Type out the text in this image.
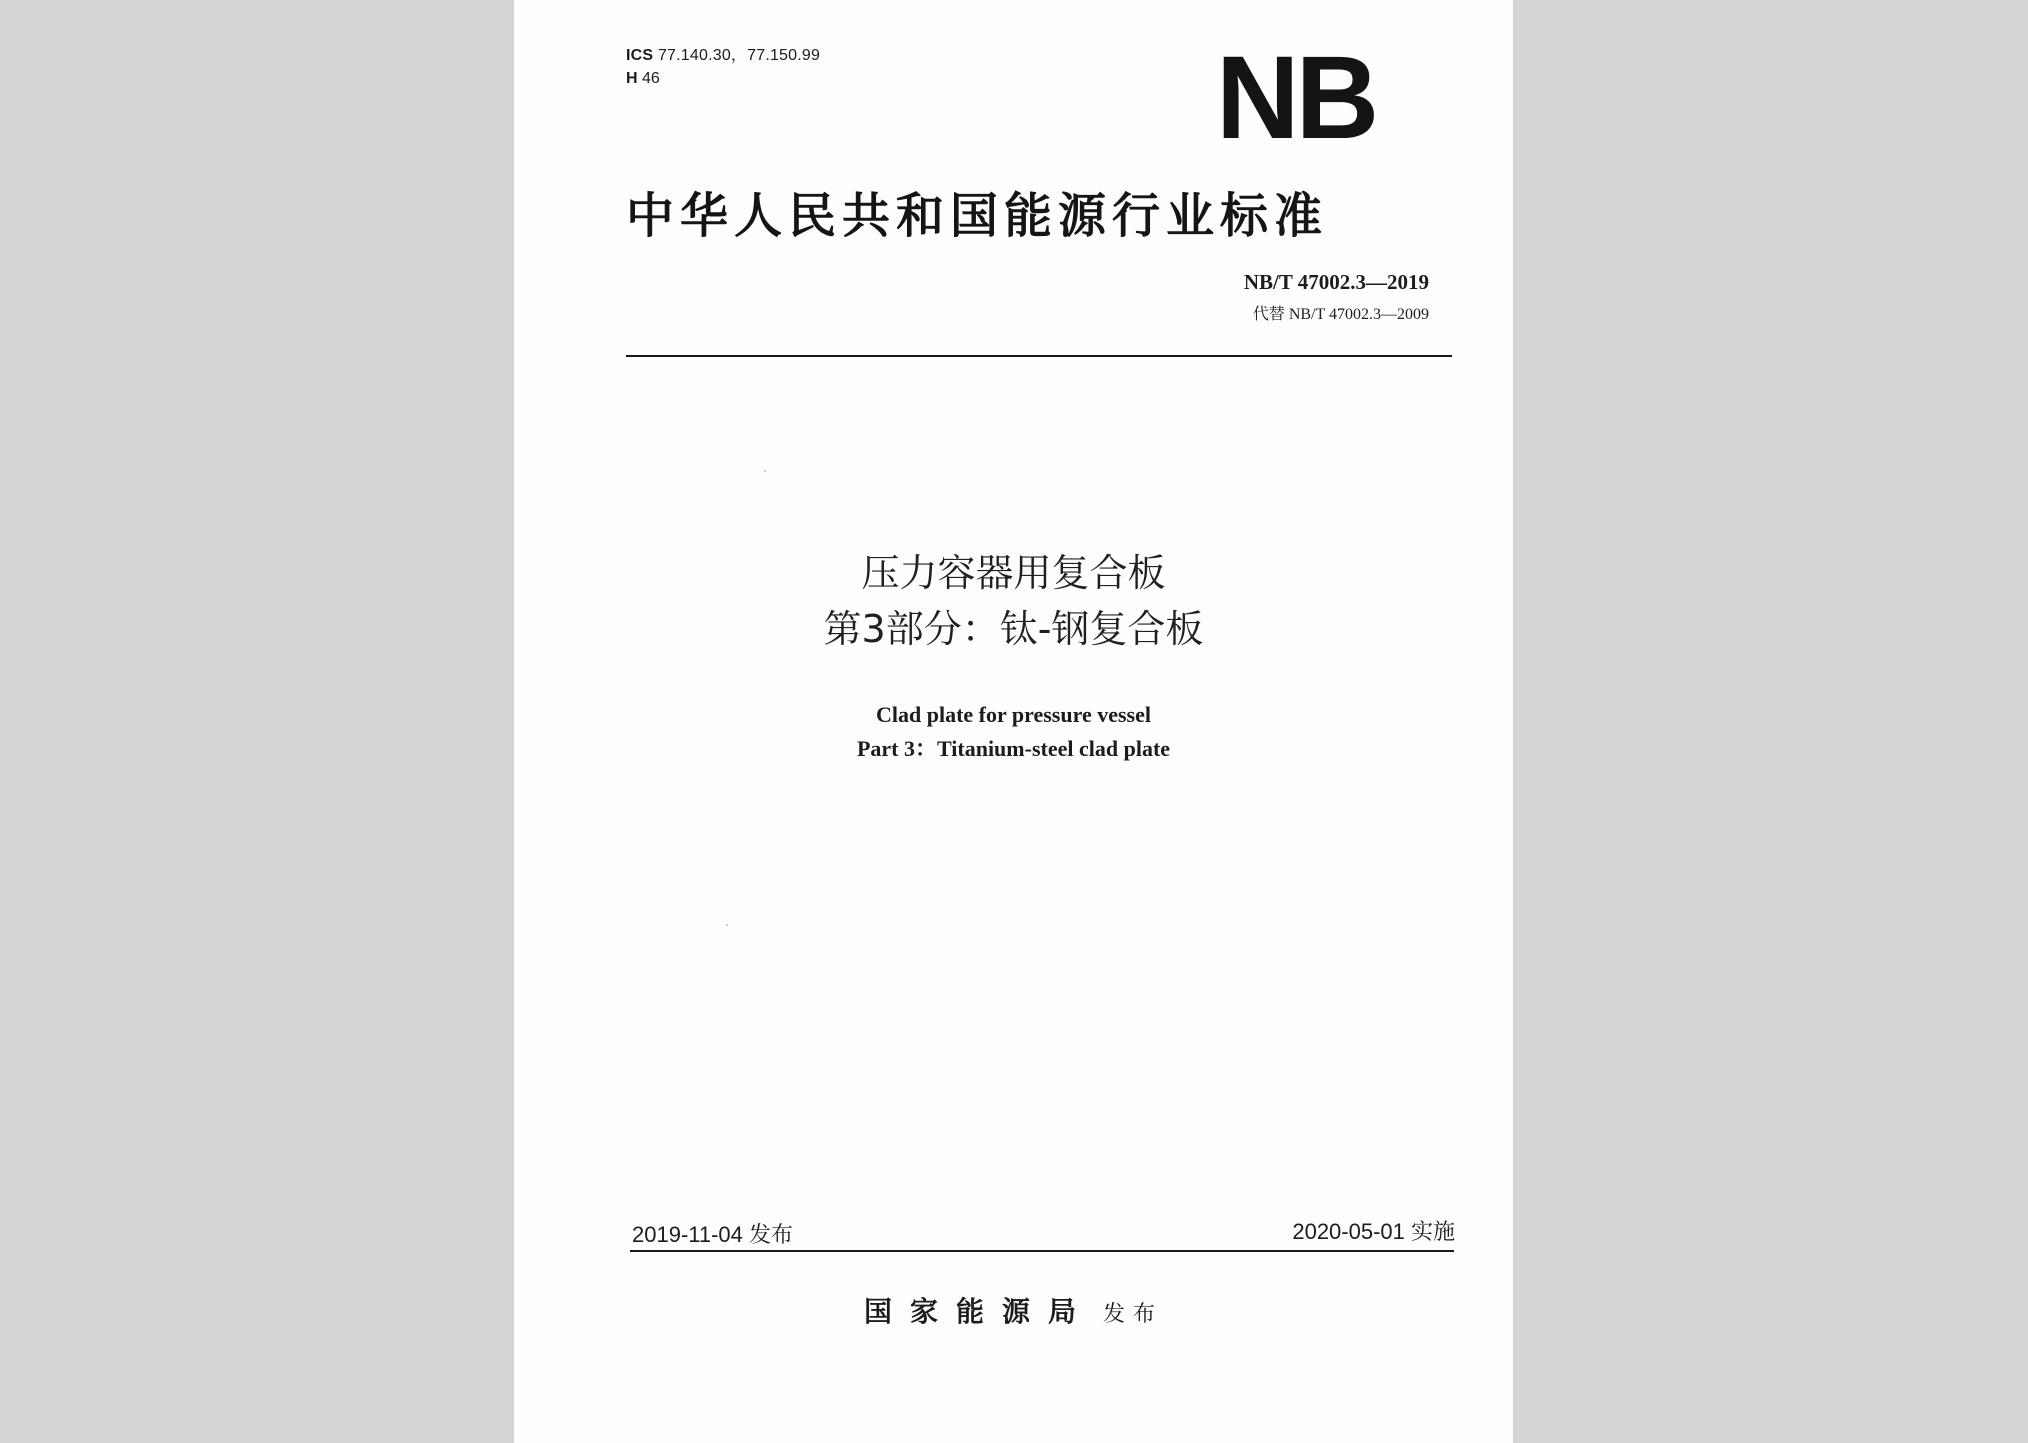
ICS 77.140.30，77.150.99
H 46	NB
中华人民共和国能源行业标准
NB/T 47002.3—2019
代替 NB/T 47002.3—2009
压力容器用复合板
第3部分：钛-钢复合板
Clad plate for pressure vessel
Part 3：Titanium-steel clad plate
2019-11-04 发布	2020-05-01 实施
国家能源局 发布
